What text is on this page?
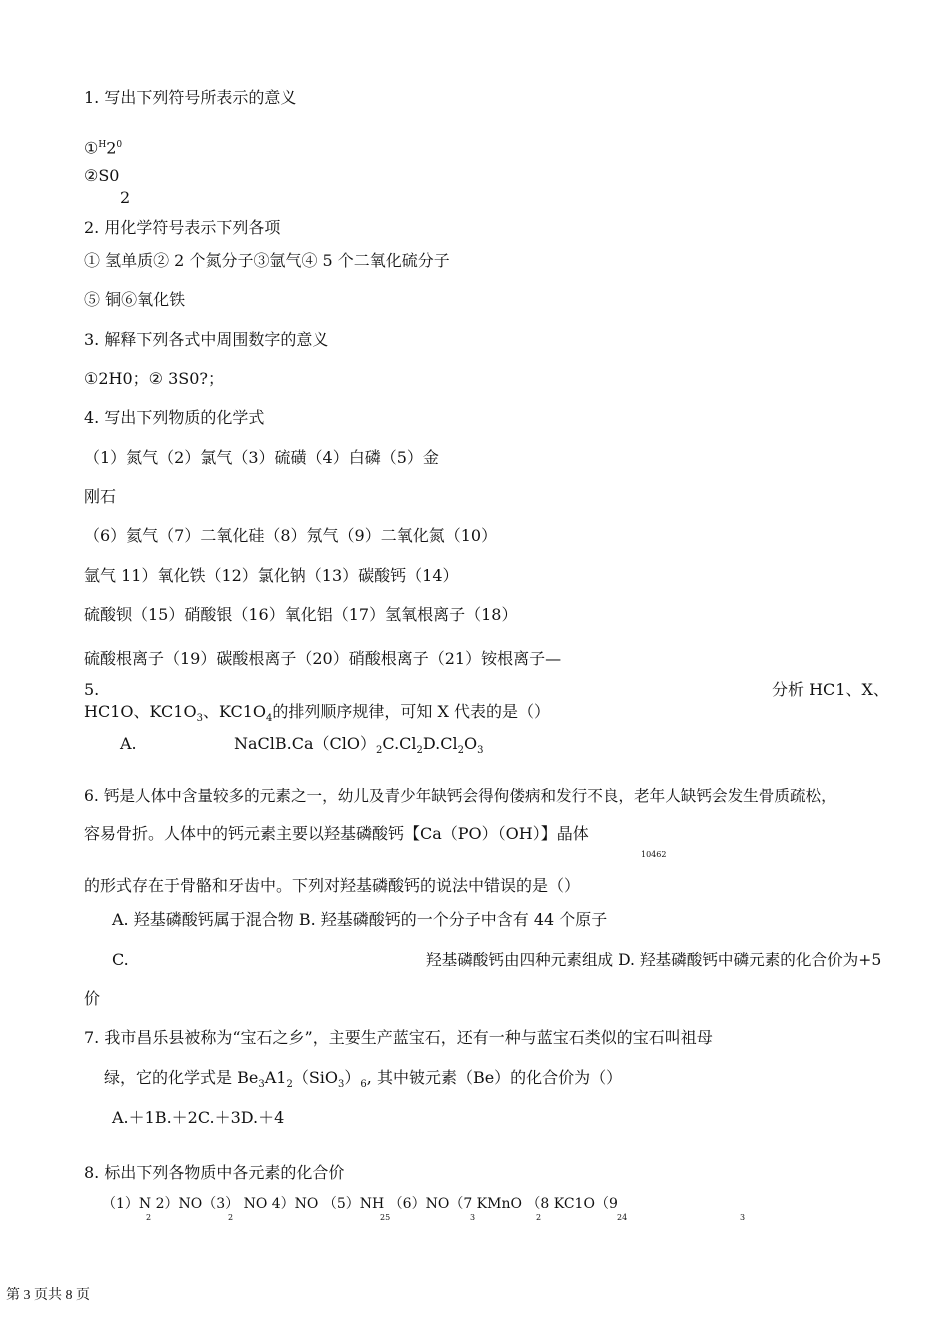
1. 写出下列符号所表示的意义
$①^H2^0$
②S0
2
2. 用化学符号表示下列各项
① 氢单质② 2 个氮分子③氩气④ 5 个二氧化硫分子
⑤ 铜⑥氧化铁
3. 解释下列各式中周围数字的意义
①2H0；② 3S0?；
4. 写出下列物质的化学式
（1）氮气（2）氯气（3）硫磺（4）白磷（5）金
刚石
（6）氦气（7）二氧化硅（8）氖气（9）二氧化氮（10）
氩气 11）氧化铁（12）氯化钠（13）碳酸钙（14）
硫酸钡（15）硝酸银（16）氧化铝（17）氢氧根离子（18）
硫酸根离子（19）碳酸根离子（20）硝酸根离子（21）铵根离子—
5.	分析 HC1、X、
HC1O、$KC1O_3$、$KC1O_4$的排列顺序规律，可知 X 代表的是（）
A.	$NaClB.Ca(ClO)_2C.Cl_2D.Cl_2O_3$
6. 钙是人体中含量较多的元素之一，幼儿及青少年缺钙会得佝偻病和发行不良，老年人缺钙会发生骨质疏松，
容易骨折。人体中的钙元素主要以羟基磷酸钙【Ca（PO）（OH）】晶体
10462
的形式存在于骨骼和牙齿中。下列对羟基磷酸钙的说法中错误的是（）
A. 羟基磷酸钙属于混合物 B. 羟基磷酸钙的一个分子中含有 44 个原子
C.	羟基磷酸钙由四种元素组成 D. 羟基磷酸钙中磷元素的化合价为+5
价
7. 我市昌乐县被称为“宝石之乡”，主要生产蓝宝石，还有一种与蓝宝石类似的宝石叫祖母
绿，它的化学式是 $Be_3A1_2(SiO_3)_6$, 其中铍元素（Be）的化合价为（）
A.＋1B.＋2C.＋3D.＋4
8. 标出下列各物质中各元素的化合价
（1）N 2）NO（3） NO 4）NO （5）NH （6）NO（7 KMnO （8 KC1O（9
2	2	25	3	2	24	3
第 3 页共 8 页
